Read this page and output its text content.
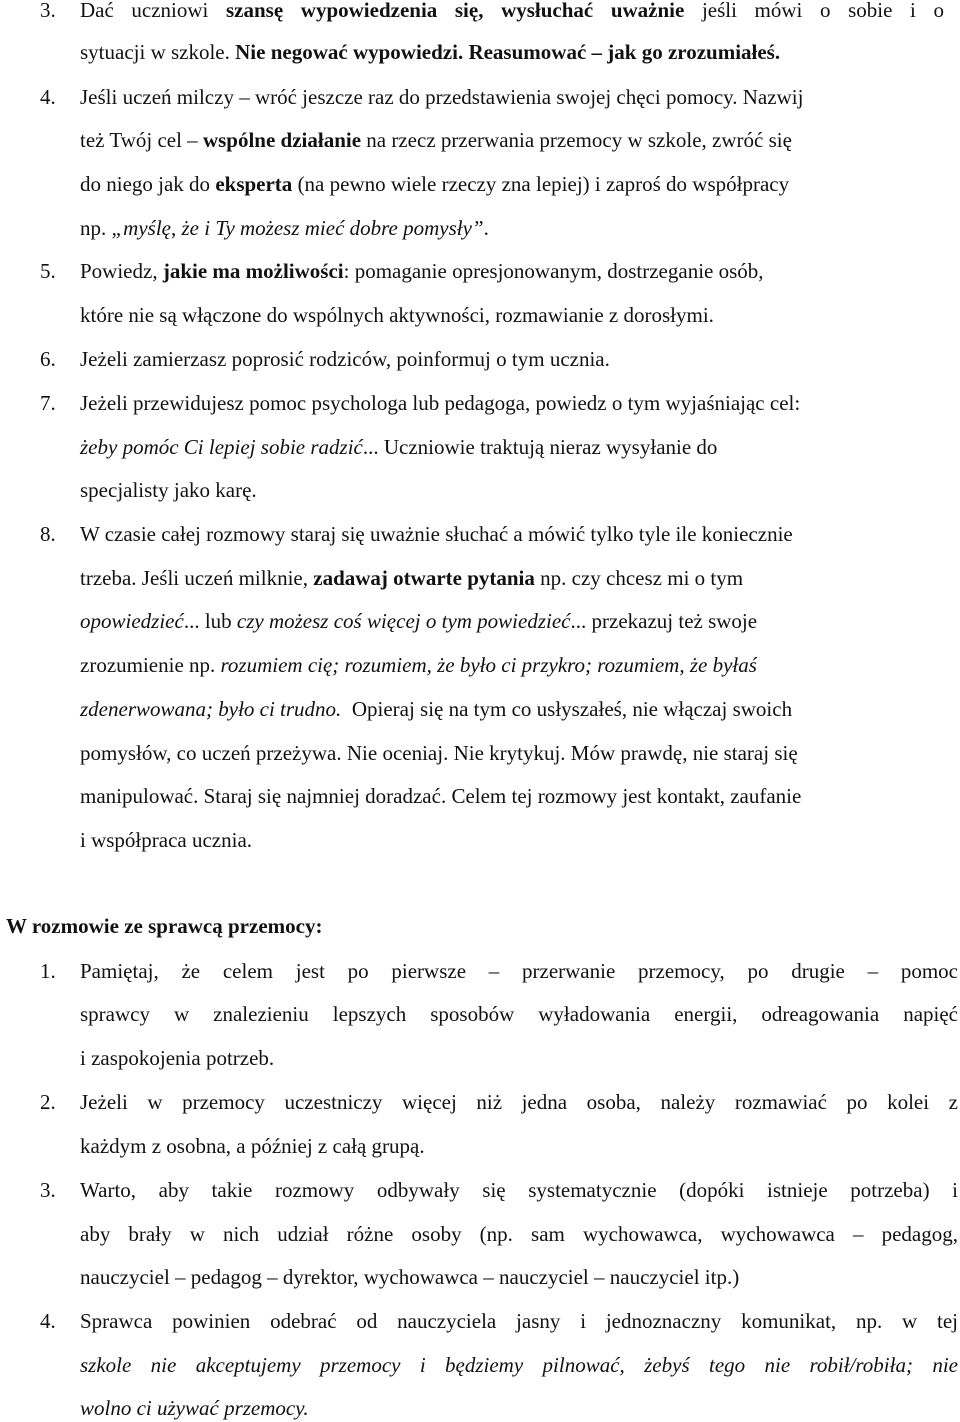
3. Dać uczniowi szansę wypowiedzenia się, wysłuchać uważnie jeśli mówi o sobie i o
sytuacji w szkole. Nie negować wypowiedzi. Reasumować – jak go zrozumiałeś.
4. Jeśli uczeń milczy – wróć jeszcze raz do przedstawienia swojej chęci pomocy. Nazwij
też Twój cel – wspólne działanie na rzecz przerwania przemocy w szkole, zwróć się
do niego jak do eksperta (na pewno wiele rzeczy zna lepiej) i zaproś do współpracy
np. „myślę, że i Ty możesz mieć dobre pomysły”.
5. Powiedz, jakie ma możliwości: pomaganie opresjonowanym, dostrzeganie osób,
które nie są włączone do wspólnych aktywności, rozmawianie z dorosłymi.
6. Jeżeli zamierzasz poprosić rodziców, poinformuj o tym ucznia.
7. Jeżeli przewidujesz pomoc psychologa lub pedagoga, powiedz o tym wyjaśniając cel:
żeby pomóc Ci lepiej sobie radzić... Uczniowie traktują nieraz wysyłanie do
specjalisty jako karę.
8. W czasie całej rozmowy staraj się uważnie słuchać a mówić tylko tyle ile koniecznie
trzeba. Jeśli uczeń milknie, zadawaj otwarte pytania np. czy chcesz mi o tym
opowiedzieć... lub czy możesz coś więcej o tym powiedzieć... przekazuj też swoje
zrozumienie np. rozumiem cię; rozumiem, że było ci przykro; rozumiem, że byłaś
zdenerwowana; było ci trudno.  Opieraj się na tym co usłyszałeś, nie włączaj swoich
pomysłów, co uczeń przeżywa. Nie oceniaj. Nie krytykuj. Mów prawdę, nie staraj się
manipulować. Staraj się najmniej doradzać. Celem tej rozmowy jest kontakt, zaufanie
i współpraca ucznia.
W rozmowie ze sprawcą przemocy:
1. Pamiętaj, że celem jest po pierwsze – przerwanie przemocy, po drugie – pomoc
sprawcy w znalezieniu lepszych sposobów wyładowania energii, odreagowania napięć
i zaspokojenia potrzeb.
2. Jeżeli w przemocy uczestniczy więcej niż jedna osoba, należy rozmawiać po kolei z
każdym z osobna, a później z całą grupą.
3. Warto, aby takie rozmowy odbywały się systematycznie (dopóki istnieje potrzeba) i
aby brały w nich udział różne osoby (np. sam wychowawca, wychowawca – pedagog,
nauczyciel – pedagog – dyrektor, wychowawca – nauczyciel – nauczyciel itp.)
4. Sprawca powinien odebrać od nauczyciela jasny i jednoznaczny komunikat, np. w tej
szkole nie akceptujemy przemocy i będziemy pilnować, żebyś tego nie robił/robiła; nie
wolno ci używać przemocy.
